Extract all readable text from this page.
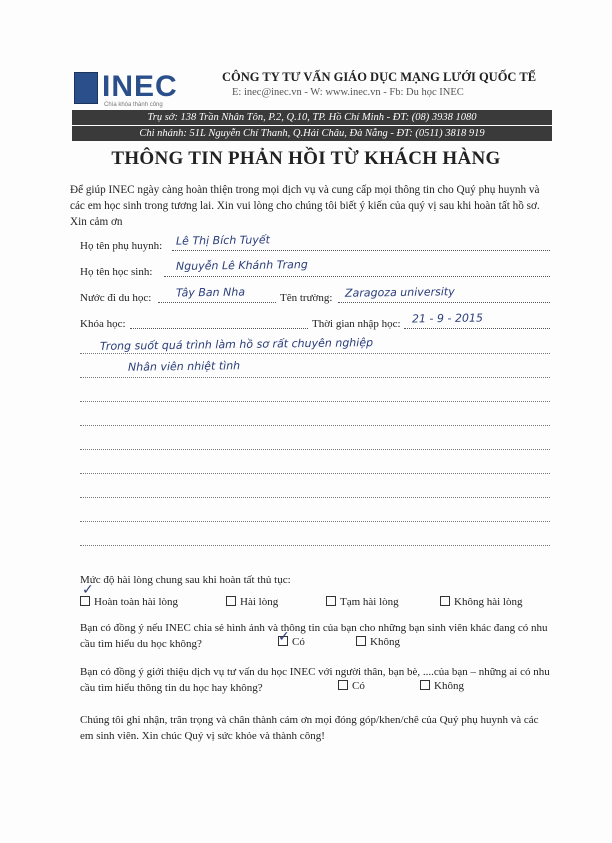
INEC
Chìa khóa thành công
CÔNG TY TƯ VẤN GIÁO DỤC MẠNG LƯỚI QUỐC TẾ
E: inec@inec.vn - W: www.inec.vn - Fb: Du học INEC
Trụ sở: 138 Trần Nhân Tôn, P.2, Q.10, TP. Hồ Chí Minh - ĐT: (08) 3938 1080
Chi nhánh: 51L Nguyễn Chí Thanh, Q.Hải Châu, Đà Nẵng - ĐT: (0511) 3818 919
THÔNG TIN PHẢN HỒI TỪ KHÁCH HÀNG
Để giúp INEC ngày càng hoàn thiện trong mọi dịch vụ và cung cấp mọi thông tin cho Quý phụ huynh và các em học sinh trong tương lai. Xin vui lòng cho chúng tôi biết ý kiến của quý vị sau khi hoàn tất hồ sơ. Xin cảm ơn
Họ tên phụ huynh: Lê Thị Bích Tuyết
Họ tên học sinh: Nguyễn Lê Khánh Trang
Nước đi du học: Tây Ban Nha	Tên trường: Zaragoza university
Khóa học:	Thời gian nhập học: 21 - 9 - 2015
Trong suốt quá trình làm hồ sơ rất chuyên nghiệp
Nhân viên nhiệt tình
Mức độ hài lòng chung sau khi hoàn tất thủ tục:
✓
Hoàn toàn hài lòng	Hài lòng	Tạm hài lòng	Không hài lòng
Bạn có đồng ý nếu INEC chia sẻ hình ảnh và thông tin của bạn cho những bạn sinh viên khác đang có nhu cầu tìm hiểu du học không?
✓	Có	Không
Bạn có đồng ý giới thiệu dịch vụ tư vấn du học INEC với người thân, bạn bè, ....của bạn – những ai có nhu cầu tìm hiểu thông tin du học hay không?	Có	Không
Chúng tôi ghi nhận, trân trọng và chân thành cám ơn mọi đóng góp/khen/chê của Quý phụ huynh và các em sinh viên. Xin chúc Quý vị sức khỏe và thành công!
